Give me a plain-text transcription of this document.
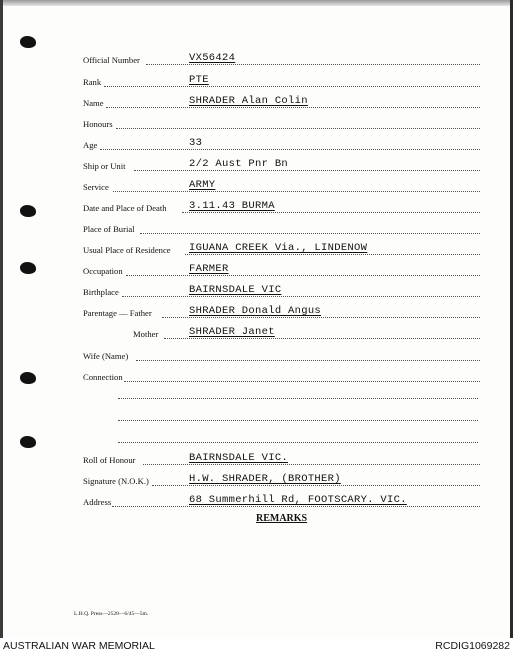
Official Number	VX56424
Rank	PTE
Name	SHRADER Alan Colin
Honours
Age	33
Ship or Unit	2/2 Aust Pnr Bn
Service	ARMY
Date and Place of Death 3.11.43 BURMA
Place of Burial
Usual Place of Residence IGUANA CREEK Via., LINDENOW
Occupation	FARMER
Birthplace	BAIRNSDALE VIC
Parentage — Father	SHRADER Donald Angus
Mother	SHRADER Janet
Wife (Name)
Connection
Roll of Honour	BAIRNSDALE VIC.
Signature (N.O.K.)	H.W. SHRADER, (BROTHER)
Address	68 Summerhill Rd, FOOTSCARY. VIC.
REMARKS
L.H.Q. Press—2528—6/45—5m.
AUSTRALIAN WAR MEMORIAL	RCDIG1069282
